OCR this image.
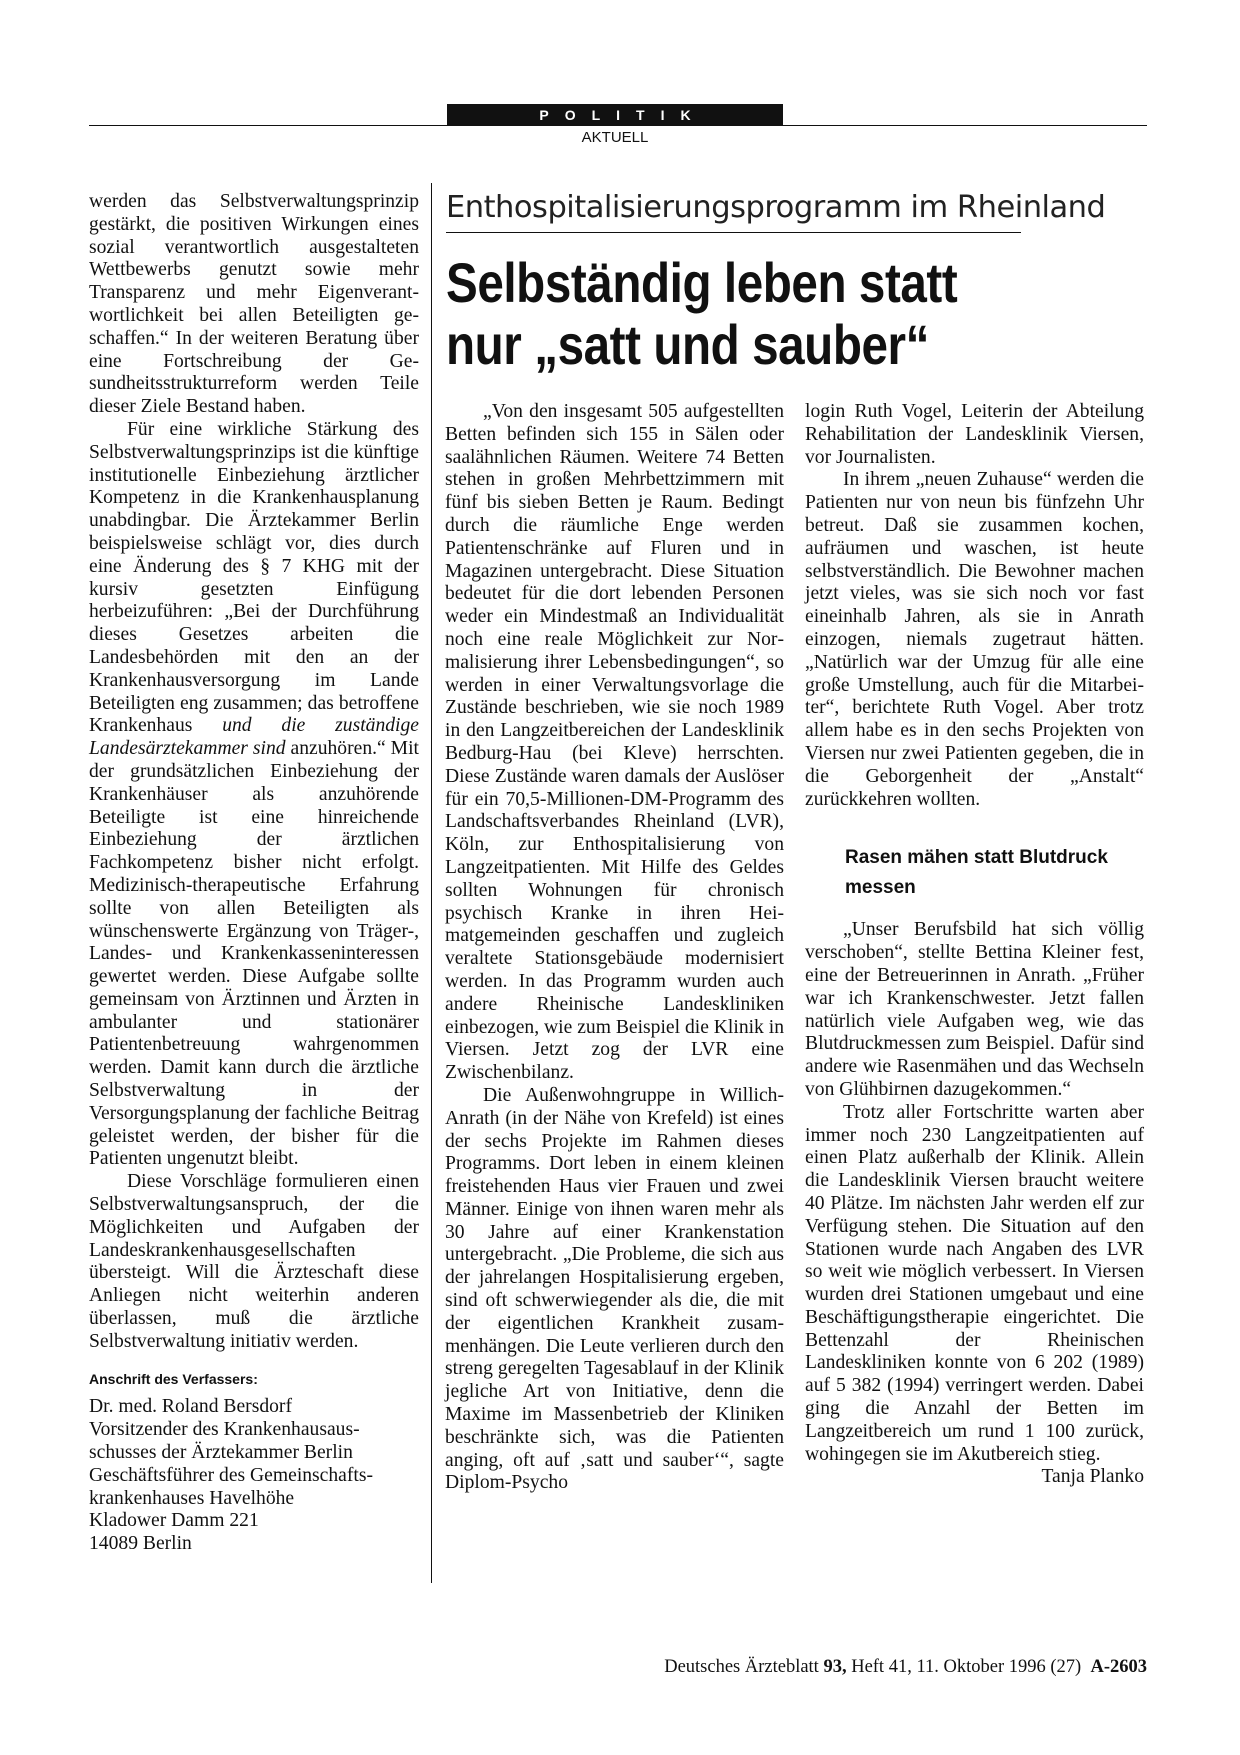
POLITIK
AKTUELL

werden das Selbstverwaltungsprinzip gestärkt, die positiven Wirkungen eines sozial verantwortlich ausgestalteten Wettbewerbs genutzt sowie mehr Transparenz und mehr Eigenverantwortlichkeit bei allen Beteiligten geschaffen.“ In der weiteren Beratung über eine Fortschreibung der Gesundheitsstrukturreform werden Teile dieser Ziele Bestand haben.

Für eine wirkliche Stärkung des Selbstverwaltungsprinzips ist die künftige institutionelle Einbeziehung ärztlicher Kompetenz in die Krankenhausplanung unabdingbar. Die Ärztekammer Berlin beispielsweise schlägt vor, dies durch eine Änderung des § 7 KHG mit der kursiv gesetzten Einfügung herbeizuführen: „Bei der Durchführung dieses Gesetzes arbeiten die Landesbehörden mit den an der Krankenhausversorgung im Lande Beteiligten eng zusammen; das betroffene Krankenhaus und die zuständige Landesärztekammer sind anzuhören.“ Mit der grundsätzlichen Einbeziehung der Krankenhäuser als anzuhörende Beteiligte ist eine hinreichende Einbeziehung der ärztlichen Fachkompetenz bisher nicht erfolgt. Medizinisch-therapeutische Erfahrung sollte von allen Beteiligten als wünschenswerte Ergänzung von Träger-, Landes- und Krankenkasseninteressen gewertet werden. Diese Aufgabe sollte gemeinsam von Ärztinnen und Ärzten in ambulanter und stationärer Patientenbetreuung wahrgenommen werden. Damit kann durch die ärztliche Selbstverwaltung in der Versorgungsplanung der fachliche Beitrag geleistet werden, der bisher für die Patienten ungenutzt bleibt.

Diese Vorschläge formulieren einen Selbstverwaltungsanspruch, der die Möglichkeiten und Aufgaben der Landeskrankenhausgesellschaften übersteigt. Will die Ärzteschaft diese Anliegen nicht weiterhin anderen überlassen, muß die ärztliche Selbstverwaltung initiativ werden.

Anschrift des Verfassers:

Dr. med. Roland Bersdorf
Vorsitzender des Krankenhausausschusses der Ärztekammer Berlin
Geschäftsführer des Gemeinschaftskrankenhauses Havelhöhe
Kladower Damm 221
14089 Berlin
Enthospitalisierungsprogramm im Rheinland
Selbständig leben statt nur „satt und sauber“

„Von den insgesamt 505 aufgestellten Betten befinden sich 155 in Sälen oder saalähnlichen Räumen. Weitere 74 Betten stehen in großen Mehrbettzimmern mit fünf bis sieben Betten je Raum. Bedingt durch die räumliche Enge werden Patientenschränke auf Fluren und in Magazinen untergebracht. Diese Situation bedeutet für die dort lebenden Personen weder ein Mindestmaß an Individualität noch eine reale Möglichkeit zur Normalisierung ihrer Lebensbedingungen“, so werden in einer Verwaltungsvorlage die Zustände beschrieben, wie sie noch 1989 in den Langzeitbereichen der Landesklinik Bedburg-Hau (bei Kleve) herrschten. Diese Zustände waren damals der Auslöser für ein 70,5-Millionen-DM-Programm des Landschaftsverbandes Rheinland (LVR), Köln, zur Enthospitalisierung von Langzeitpatienten. Mit Hilfe des Geldes sollten Wohnungen für chronisch psychisch Kranke in ihren Heimatgemeinden geschaffen und zugleich veraltete Stationsgebäude modernisiert werden. In das Programm wurden auch andere Rheinische Landeskliniken einbezogen, wie zum Beispiel die Klinik in Viersen. Jetzt zog der LVR eine Zwischenbilanz.

Die Außenwohngruppe in Willich-Anrath (in der Nähe von Krefeld) ist eines der sechs Projekte im Rahmen dieses Programms. Dort leben in einem kleinen freistehenden Haus vier Frauen und zwei Männer. Einige von ihnen waren mehr als 30 Jahre auf einer Krankenstation untergebracht. „Die Probleme, die sich aus der jahrelangen Hospitalisierung ergeben, sind oft schwerwiegender als die, die mit der eigentlichen Krankheit zusammenhängen. Die Leute verlieren durch den streng geregelten Tagesablauf in der Klinik jegliche Art von Initiative, denn die Maxime im Massenbetrieb der Kliniken beschränkte sich, was die Patienten anging, oft auf ‚satt und sauber‘“, sagte Diplom-Psycho

login Ruth Vogel, Leiterin der Abteilung Rehabilitation der Landesklinik Viersen, vor Journalisten.

In ihrem „neuen Zuhause“ werden die Patienten nur von neun bis fünfzehn Uhr betreut. Daß sie zusammen kochen, aufräumen und waschen, ist heute selbstverständlich. Die Bewohner machen jetzt vieles, was sie sich noch vor fast eineinhalb Jahren, als sie in Anrath einzogen, niemals zugetraut hätten. „Natürlich war der Umzug für alle eine große Umstellung, auch für die Mitarbeiter“, berichtete Ruth Vogel. Aber trotz allem habe es in den sechs Projekten von Viersen nur zwei Patienten gegeben, die in die Geborgenheit der „Anstalt“ zurückkehren wollten.

Rasen mähen statt Blutdruck messen

„Unser Berufsbild hat sich völlig verschoben“, stellte Bettina Kleiner fest, eine der Betreuerinnen in Anrath. „Früher war ich Krankenschwester. Jetzt fallen natürlich viele Aufgaben weg, wie das Blutdruckmessen zum Beispiel. Dafür sind andere wie Rasenmähen und das Wechseln von Glühbirnen dazugekommen.“

Trotz aller Fortschritte warten aber immer noch 230 Langzeitpatienten auf einen Platz außerhalb der Klinik. Allein die Landesklinik Viersen braucht weitere 40 Plätze. Im nächsten Jahr werden elf zur Verfügung stehen. Die Situation auf den Stationen wurde nach Angaben des LVR so weit wie möglich verbessert. In Viersen wurden drei Stationen umgebaut und eine Beschäftigungstherapie eingerichtet. Die Bettenzahl der Rheinischen Landeskliniken konnte von 6 202 (1989) auf 5 382 (1994) verringert werden. Dabei ging die Anzahl der Betten im Langzeitbereich um rund 1 100 zurück, wohingegen sie im Akutbereich stieg.
Tanja Planko

Deutsches Ärzteblatt 93, Heft 41, 11. Oktober 1996 (27) A-2603
